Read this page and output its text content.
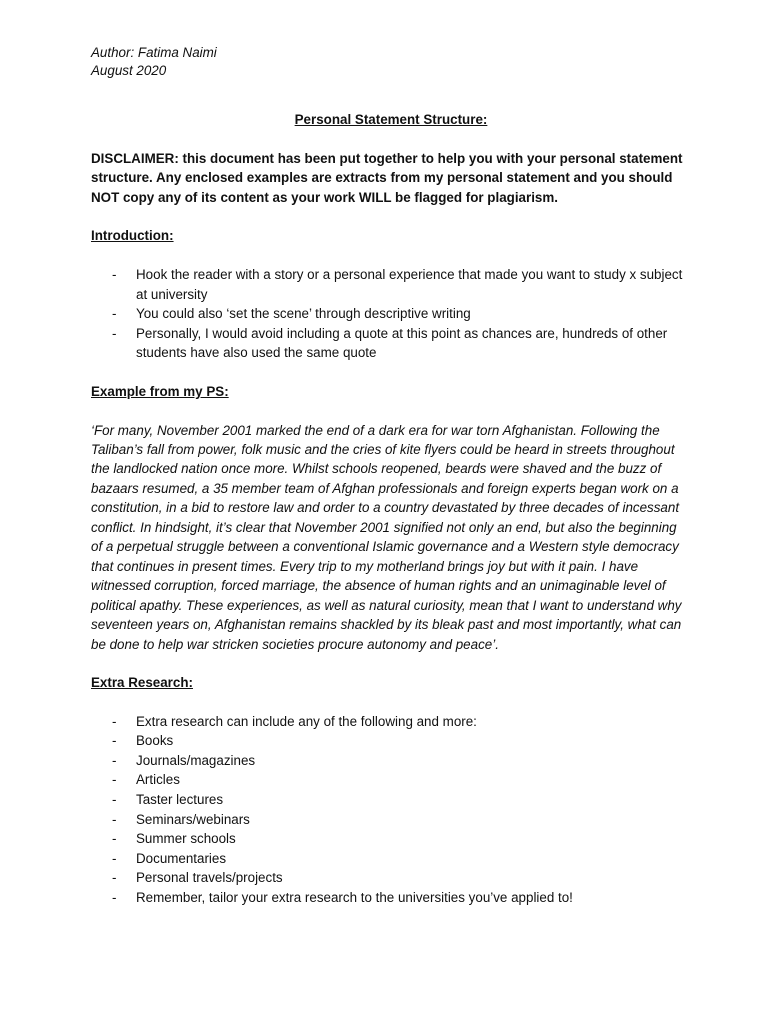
Author: Fatima Naimi
August 2020
Personal Statement Structure:
DISCLAIMER: this document has been put together to help you with your personal statement structure. Any enclosed examples are extracts from my personal statement and you should NOT copy any of its content as your work WILL be flagged for plagiarism.
Introduction:
- Hook the reader with a story or a personal experience that made you want to study x subject at university
- You could also ‘set the scene’ through descriptive writing
- Personally, I would avoid including a quote at this point as chances are, hundreds of other students have also used the same quote
Example from my PS:
‘For many, November 2001 marked the end of a dark era for war torn Afghanistan. Following the Taliban’s fall from power, folk music and the cries of kite flyers could be heard in streets throughout the landlocked nation once more. Whilst schools reopened, beards were shaved and the buzz of bazaars resumed, a 35 member team of Afghan professionals and foreign experts began work on a constitution, in a bid to restore law and order to a country devastated by three decades of incessant conflict. In hindsight, it’s clear that November 2001 signified not only an end, but also the beginning of a perpetual struggle between a conventional Islamic governance and a Western style democracy that continues in present times. Every trip to my motherland brings joy but with it pain. I have witnessed corruption, forced marriage, the absence of human rights and an unimaginable level of political apathy. These experiences, as well as natural curiosity, mean that I want to understand why seventeen years on, Afghanistan remains shackled by its bleak past and most importantly, what can be done to help war stricken societies procure autonomy and peace’.
Extra Research:
- Extra research can include any of the following and more:
- Books
- Journals/magazines
- Articles
- Taster lectures
- Seminars/webinars
- Summer schools
- Documentaries
- Personal travels/projects
- Remember, tailor your extra research to the universities you’ve applied to!
